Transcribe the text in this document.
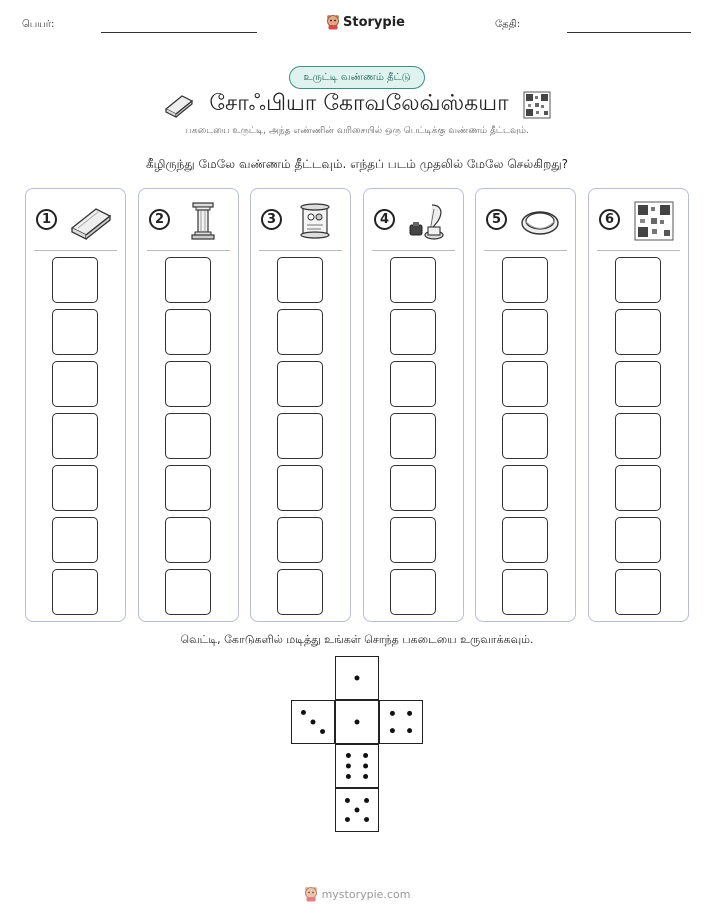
பெயர்:	Storypie	தேதி:
உருட்டி வண்ணம் தீட்டு
சோஃபியா கோவலேவ்ஸ்கயா
பகடையை உருட்டி, அந்த எண்ணின் வரிசையில் ஒரு பெட்டிக்கு வண்ணம் தீட்டவும்.
கீழிருந்து மேலே வண்ணம் தீட்டவும். எந்தப் படம் முதலில் மேலே செல்கிறது?
1	2	3	4	5	6
வெட்டி, கோடுகளில் மடித்து உங்கள் சொந்த பகடையை உருவாக்கவும்.
mystorypie.com
